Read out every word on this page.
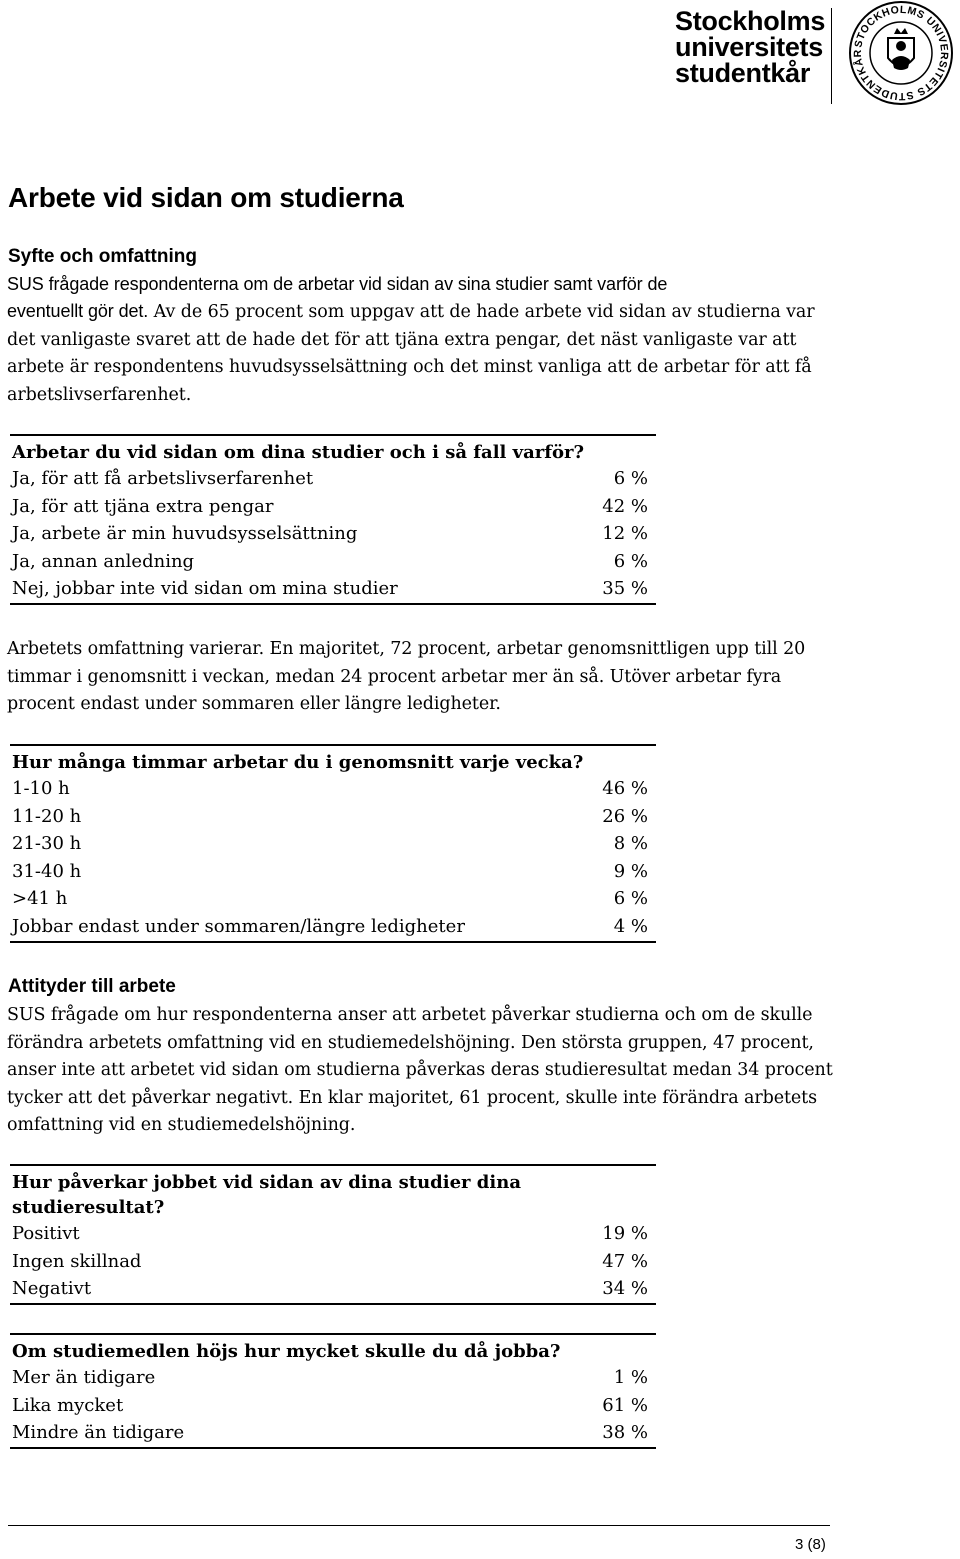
Stockholms
universitets
studentkår
STOCKHOLMS UNIVERSITETS STUDENTKÅR
Arbete vid sidan om studierna
Syfte och omfattning
SUS frågade respondenterna om de arbetar vid sidan av sina studier samt varför de
eventuellt gör det. Av de 65 procent som uppgav att de hade arbete vid sidan av studierna var det vanligaste svaret att de hade det för att tjäna extra pengar, det näst vanligaste var att arbete är respondentens huvudsysselsättning och det minst vanliga att de arbetar för att få arbetslivserfarenhet.
Arbetar du vid sidan om dina studier och i så fall varför?
Ja, för att få arbetslivserfarenhet	6 %
Ja, för att tjäna extra pengar	42 %
Ja, arbete är min huvudsysselsättning	12 %
Ja, annan anledning	6 %
Nej, jobbar inte vid sidan om mina studier	35 %
Arbetets omfattning varierar. En majoritet, 72 procent, arbetar genomsnittligen upp till 20 timmar i genomsnitt i veckan, medan 24 procent arbetar mer än så. Utöver arbetar fyra procent endast under sommaren eller längre ledigheter.
Hur många timmar arbetar du i genomsnitt varje vecka?
1-10 h	46 %
11-20 h	26 %
21-30 h	8 %
31-40 h	9 %
>41 h	6 %
Jobbar endast under sommaren/längre ledigheter	4 %
Attityder till arbete
SUS frågade om hur respondenterna anser att arbetet påverkar studierna och om de skulle förändra arbetets omfattning vid en studiemedelshöjning. Den största gruppen, 47 procent, anser inte att arbetet vid sidan om studierna påverkas deras studieresultat medan 34 procent tycker att det påverkar negativt. En klar majoritet, 61 procent, skulle inte förändra arbetets omfattning vid en studiemedelshöjning.
Hur påverkar jobbet vid sidan av dina studier dina studieresultat?
Positivt	19 %
Ingen skillnad	47 %
Negativt	34 %
Om studiemedlen höjs hur mycket skulle du då jobba?
Mer än tidigare	1 %
Lika mycket	61 %
Mindre än tidigare	38 %
3 (8)
